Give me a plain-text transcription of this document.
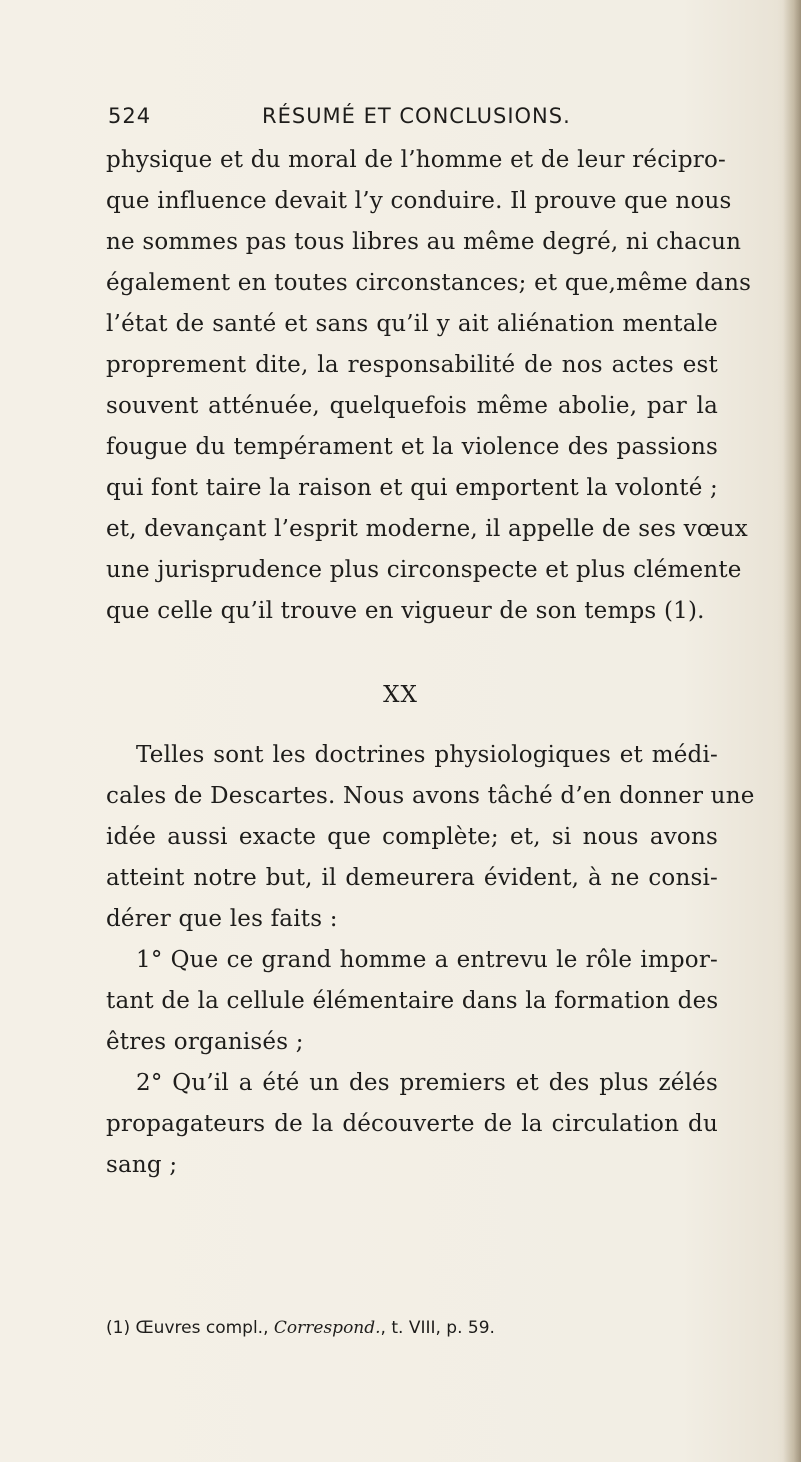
524	RÉSUMÉ ET CONCLUSIONS.
physique et du moral de l’homme et de leur récipro-
que influence devait l’y conduire. Il prouve que nous
ne sommes pas tous libres au même degré, ni chacun
également en toutes circonstances; et que,même dans
l’état de santé et sans qu’il y ait aliénation mentale
proprement dite, la responsabilité de nos actes est
souvent atténuée, quelquefois même abolie, par la
fougue du tempérament et la violence des passions
qui font taire la raison et qui emportent la volonté ;
et, devançant l’esprit moderne, il appelle de ses vœux
une jurisprudence plus circonspecte et plus clémente
que celle qu’il trouve en vigueur de son temps (1).
XX
Telles sont les doctrines physiologiques et médi-
cales de Descartes. Nous avons tâché d’en donner une
idée aussi exacte que complète; et, si nous avons
atteint notre but, il demeurera évident, à ne consi-
dérer que les faits :
1° Que ce grand homme a entrevu le rôle impor-
tant de la cellule élémentaire dans la formation des
êtres organisés ;
2° Qu’il a été un des premiers et des plus zélés
propagateurs de la découverte de la circulation du
sang ;
(1) Œuvres compl., Correspond., t. VIII, p. 59.
